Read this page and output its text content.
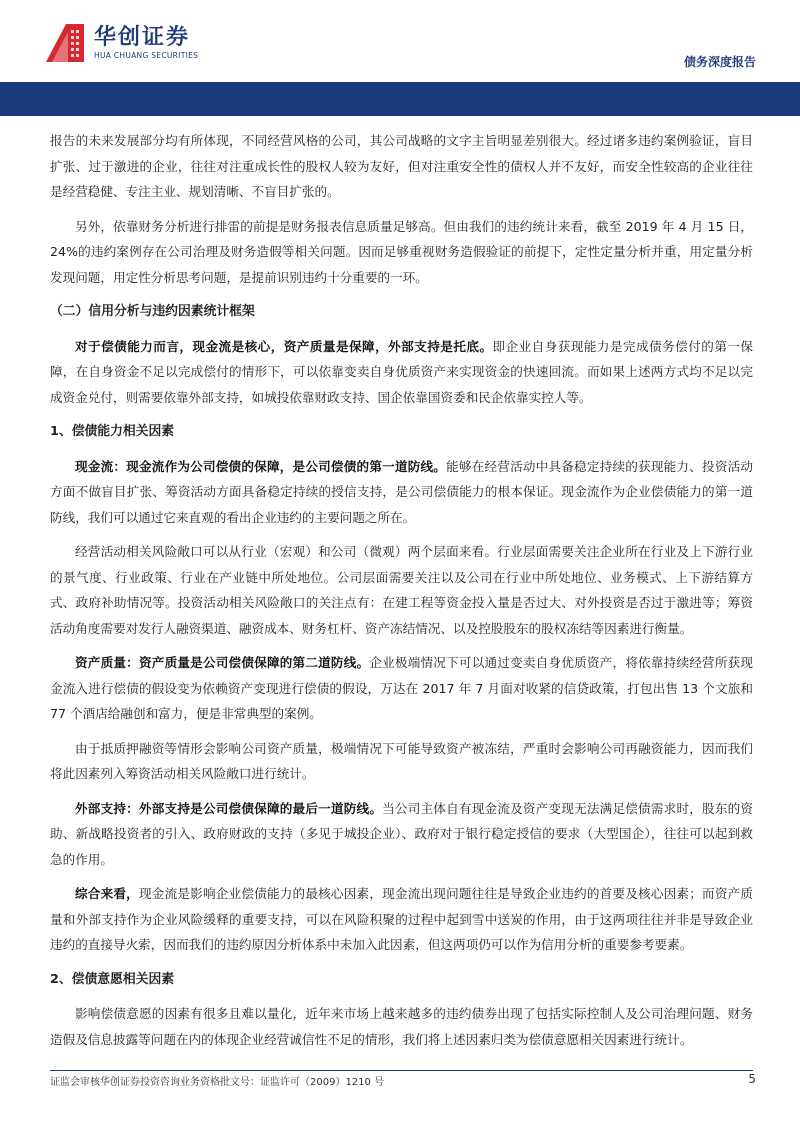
华创证券
HUA CHUANG SECURITIES	债务深度报告

报告的未来发展部分均有所体现，不同经营风格的公司，其公司战略的文字主旨明显差别很大。经过诸多违约案例验证，盲目扩张、过于激进的企业，往往对注重成长性的股权人较为友好，但对注重安全性的债权人并不友好，而安全性较高的企业往往是经营稳健、专注主业、规划清晰、不盲目扩张的。

另外，依靠财务分析进行排雷的前提是财务报表信息质量足够高。但由我们的违约统计来看，截至 2019 年 4 月 15 日，24%的违约案例存在公司治理及财务造假等相关问题。因而足够重视财务造假验证的前提下，定性定量分析并重，用定量分析发现问题，用定性分析思考问题，是提前识别违约十分重要的一环。

（二）信用分析与违约因素统计框架

对于偿债能力而言，现金流是核心，资产质量是保障，外部支持是托底。即企业自身获现能力是完成债务偿付的第一保障，在自身资金不足以完成偿付的情形下，可以依靠变卖自身优质资产来实现资金的快速回流。而如果上述两方式均不足以完成资金兑付，则需要依靠外部支持，如城投依靠财政支持、国企依靠国资委和民企依靠实控人等。

1、偿债能力相关因素

现金流：现金流作为公司偿债的保障，是公司偿债的第一道防线。能够在经营活动中具备稳定持续的获现能力、投资活动方面不做盲目扩张、筹资活动方面具备稳定持续的授信支持，是公司偿债能力的根本保证。现金流作为企业偿债能力的第一道防线，我们可以通过它来直观的看出企业违约的主要问题之所在。

经营活动相关风险敞口可以从行业（宏观）和公司（微观）两个层面来看。行业层面需要关注企业所在行业及上下游行业的景气度、行业政策、行业在产业链中所处地位。公司层面需要关注以及公司在行业中所处地位、业务模式、上下游结算方式、政府补助情况等。投资活动相关风险敞口的关注点有：在建工程等资金投入量是否过大、对外投资是否过于激进等；筹资活动角度需要对发行人融资渠道、融资成本、财务杠杆、资产冻结情况、以及控股股东的股权冻结等因素进行衡量。

资产质量：资产质量是公司偿债保障的第二道防线。企业极端情况下可以通过变卖自身优质资产，将依靠持续经营所获现金流入进行偿债的假设变为依赖资产变现进行偿债的假设，万达在 2017 年 7 月面对收紧的信贷政策，打包出售 13 个文旅和 77 个酒店给融创和富力，便是非常典型的案例。

由于抵质押融资等情形会影响公司资产质量，极端情况下可能导致资产被冻结，严重时会影响公司再融资能力，因而我们将此因素列入筹资活动相关风险敞口进行统计。

外部支持：外部支持是公司偿债保障的最后一道防线。当公司主体自有现金流及资产变现无法满足偿债需求时，股东的资助、新战略投资者的引入、政府财政的支持（多见于城投企业）、政府对于银行稳定授信的要求（大型国企），往往可以起到救急的作用。

综合来看，现金流是影响企业偿债能力的最核心因素，现金流出现问题往往是导致企业违约的首要及核心因素；而资产质量和外部支持作为企业风险缓释的重要支持，可以在风险积聚的过程中起到雪中送炭的作用，由于这两项往往并非是导致企业违约的直接导火索，因而我们的违约原因分析体系中未加入此因素，但这两项仍可以作为信用分析的重要参考要素。

2、偿债意愿相关因素

影响偿债意愿的因素有很多且难以量化，近年来市场上越来越多的违约债券出现了包括实际控制人及公司治理问题、财务造假及信息披露等问题在内的体现企业经营诚信性不足的情形，我们将上述因素归类为偿债意愿相关因素进行统计。

证监会审核华创证券投资咨询业务资格批文号：证监许可（2009）1210 号	5
